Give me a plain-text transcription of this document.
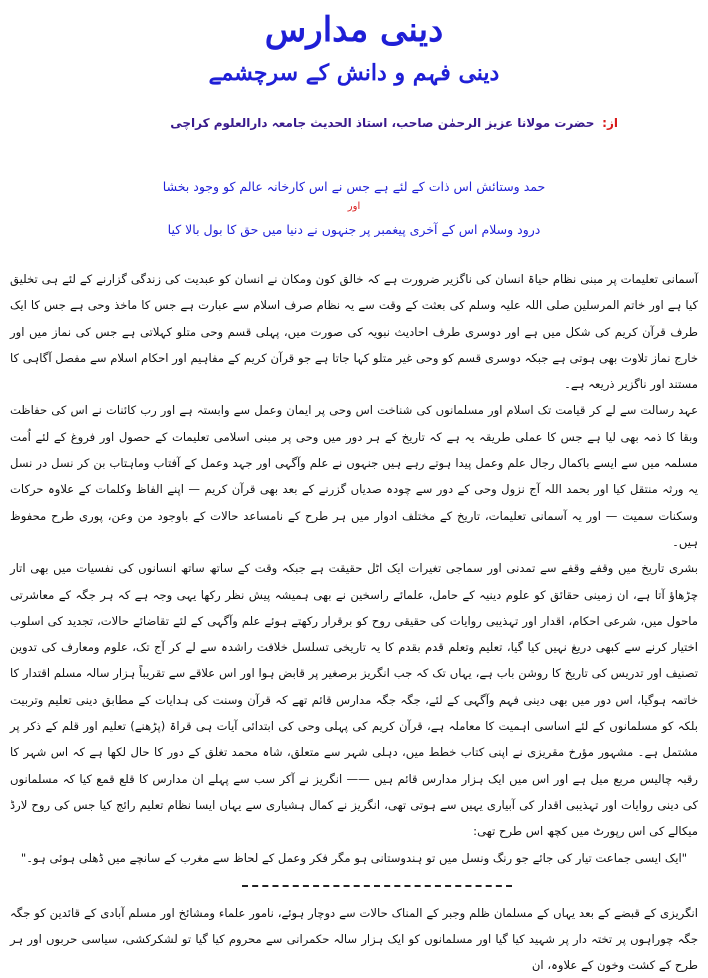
دینی مدارس
دینی فہم و دانش کے سرچشمے
از: حضرت مولانا عزیز الرحمٰن صاحب، استاذ الحدیث جامعہ دارالعلوم کراچی
حمد وستائش اس ذات کے لئے ہے جس نے اس کارخانہ عالم کو وجود بخشا
اور
درود وسلام اس کے آخری پیغمبر پر جنہوں نے دنیا میں حق کا بول بالا کیا

آسمانی تعلیمات پر مبنی نظام حیاۃ انسان کی ناگزیر ضرورت ہے کہ خالق کون ومکان نے انسان کو عبدیت کی زندگی گزارنے کے لئے ہی تخلیق کیا ہے اور خاتم المرسلین صلی اللہ علیہ وسلم کی بعثت کے وقت سے یہ نظام صرف اسلام سے عبارت ہے جس کا ماخذ وحی ہے جس کا ایک طرف قرآن کریم کی شکل میں ہے اور دوسری طرف احادیث نبویہ کی صورت میں، پہلی قسم وحی متلو کہلاتی ہے جس کی نماز میں اور خارج نماز تلاوت بھی ہوتی ہے جبکہ دوسری قسم کو وحی غیر متلو کہا جاتا ہے جو قرآن کریم کے مفاہیم اور احکام اسلام سے مفصل آگاہی کا مستند اور ناگزیر ذریعہ ہے۔

عہد رسالت سے لے کر قیامت تک اسلام اور مسلمانوں کی شناخت اس وحی پر ایمان وعمل سے وابستہ ہے اور رب کائنات نے اس کی حفاظت وبقا کا ذمہ بھی لیا ہے جس کا عملی طریقہ یہ ہے کہ تاریخ کے ہر دور میں وحی پر مبنی اسلامی تعلیمات کے حصول اور فروغ کے لئے اُمت مسلمہ میں سے ایسے باکمال رجال علم وعمل پیدا ہوتے رہے ہیں جنہوں نے علم وآگہی اور جہد وعمل کے آفتاب وماہتاب بن کر نسل در نسل یہ ورثہ منتقل کیا اور بحمد اللہ آج نزول وحی کے دور سے چودہ صدیاں گزرنے کے بعد بھی قرآن کریم — اپنے الفاظ وکلمات کے علاوہ حرکات وسکنات سمیت — اور یہ آسمانی تعلیمات، تاریخ کے مختلف ادوار میں ہر طرح کے نامساعد حالات کے باوجود من وعن، پوری طرح محفوظ ہیں۔

بشری تاریخ میں وقفے وقفے سے تمدنی اور سماجی تغیرات ایک اٹل حقیقت ہے جبکہ وقت کے ساتھ ساتھ انسانوں کی نفسیات میں بھی اتار چڑھاؤ آتا ہے، ان زمینی حقائق کو علوم دینیہ کے حامل، علمائے راسخین نے بھی ہمیشہ پیش نظر رکھا یہی وجہ ہے کہ ہر جگہ کے معاشرتی ماحول میں، شرعی احکام، اقدار اور تہذیبی روایات کی حقیقی روح کو برقرار رکھتے ہوئے علم وآگہی کے لئے تقاضائے حالات، تجدید کی اسلوب اختیار کرنے سے کبھی دریغ نہیں کیا گیا، تعلیم وتعلم قدم بقدم کا یہ تاریخی تسلسل خلافت راشدہ سے لے کر آج تک، علوم ومعارف کی تدوین تصنیف اور تدریس کی تاریخ کا روشن باب ہے، یہاں تک کہ جب انگریز برصغیر پر قابض ہوا اور اس علاقے سے تقریباً ہزار سالہ مسلم اقتدار کا خاتمہ ہوگیا، اس دور میں بھی دینی فہم وآگہی کے لئے، جگہ جگہ مدارس قائم تھے کہ قرآن وسنت کی ہدایات کے مطابق دینی تعلیم وتربیت بلکہ کو مسلمانوں کے لئے اساسی اہمیت کا معاملہ ہے، قرآن کریم کی پہلی وحی کی ابتدائی آیات ہی قراۃ (پڑھنے) تعلیم اور قلم کے ذکر پر مشتمل ہے۔ مشہور مؤرخ مقریزی نے اپنی کتاب خطط میں، دہلی شہر سے متعلق، شاہ محمد تغلق کے دور کا حال لکھا ہے کہ اس شہر کا رقبہ چالیس مربع میل ہے اور اس میں ایک ہزار مدارس قائم ہیں —— انگریز نے آکر سب سے پہلے ان مدارس کا قلع قمع کیا کہ مسلمانوں کی دینی روایات اور تہذیبی اقدار کی آبیاری یہیں سے ہوتی تھی، انگریز نے کمال ہشیاری سے یہاں ایسا نظام تعلیم رائج کیا جس کی روح لارڈ میکالے کی اس رپورٹ میں کچھ اس طرح تھی:

"ایک ایسی جماعت تیار کی جائے جو رنگ ونسل میں تو ہندوستانی ہو مگر فکر وعمل کے لحاظ سے مغرب کے سانچے میں ڈھلی ہوئی ہو۔"

انگریزی کے قبضے کے بعد یہاں کے مسلمان ظلم وجبر کے المناک حالات سے دوچار ہوئے، نامور علماء ومشائخ اور مسلم آبادی کے قائدین کو جگہ جگہ چوراہوں پر تختہ دار پر شہید کیا گیا اور مسلمانوں کو ایک ہزار سالہ حکمرانی سے محروم کیا گیا تو لشکرکشی، سیاسی حربوں اور ہر طرح کے کشت وخون کے علاوہ، ان
